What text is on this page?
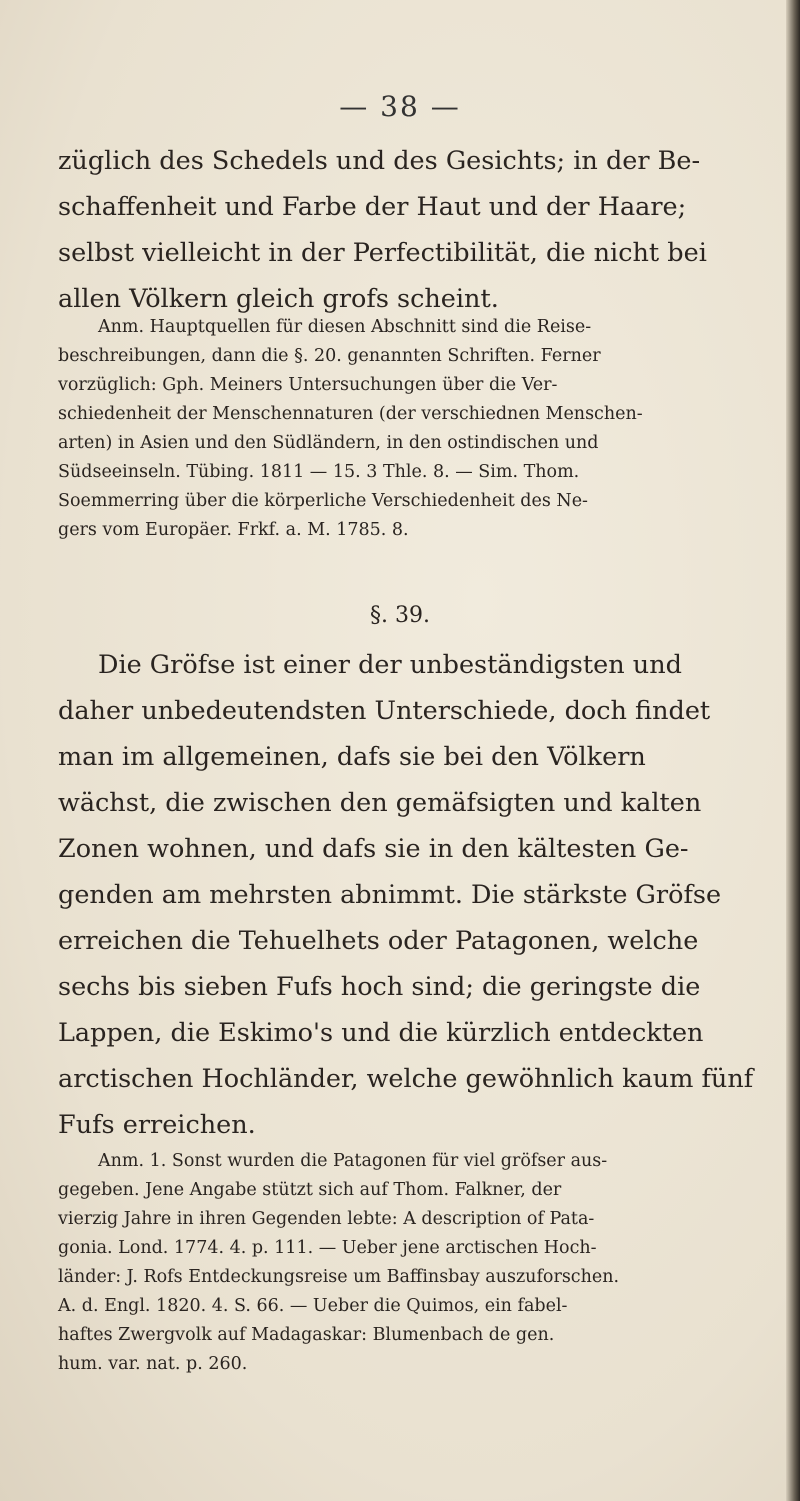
— 38 —
züglich des Schedels und des Gesichts; in der Be-
schaffenheit und Farbe der Haut und der Haare;
selbst vielleicht in der Perfectibilität, die nicht bei
allen Völkern gleich grofs scheint.
Anm. Hauptquellen für diesen Abschnitt sind die Reise-
beschreibungen, dann die §. 20. genannten Schriften. Ferner
vorzüglich: Gph. Meiners Untersuchungen über die Ver-
schiedenheit der Menschennaturen (der verschiednen Menschen-
arten) in Asien und den Südländern, in den ostindischen und
Südseeinseln. Tübing. 1811 — 15. 3 Thle. 8. — Sim. Thom.
Soemmerring über die körperliche Verschiedenheit des Ne-
gers vom Europäer. Frkf. a. M. 1785. 8.
§. 39.
Die Gröfse ist einer der unbeständigsten und
daher unbedeutendsten Unterschiede, doch findet
man im allgemeinen, dafs sie bei den Völkern
wächst, die zwischen den gemäfsigten und kalten
Zonen wohnen, und dafs sie in den kältesten Ge-
genden am mehrsten abnimmt. Die stärkste Gröfse
erreichen die Tehuelhets oder Patagonen, welche
sechs bis sieben Fufs hoch sind; die geringste die
Lappen, die Eskimo's und die kürzlich entdeckten
arctischen Hochländer, welche gewöhnlich kaum fünf
Fufs erreichen.
Anm. 1. Sonst wurden die Patagonen für viel gröfser aus-
gegeben. Jene Angabe stützt sich auf Thom. Falkner, der
vierzig Jahre in ihren Gegenden lebte: A description of Pata-
gonia. Lond. 1774. 4. p. 111. — Ueber jene arctischen Hoch-
länder: J. Rofs Entdeckungsreise um Baffinsbay auszuforschen.
A. d. Engl. 1820. 4. S. 66. — Ueber die Quimos, ein fabel-
haftes Zwergvolk auf Madagaskar: Blumenbach de gen.
hum. var. nat. p. 260.
